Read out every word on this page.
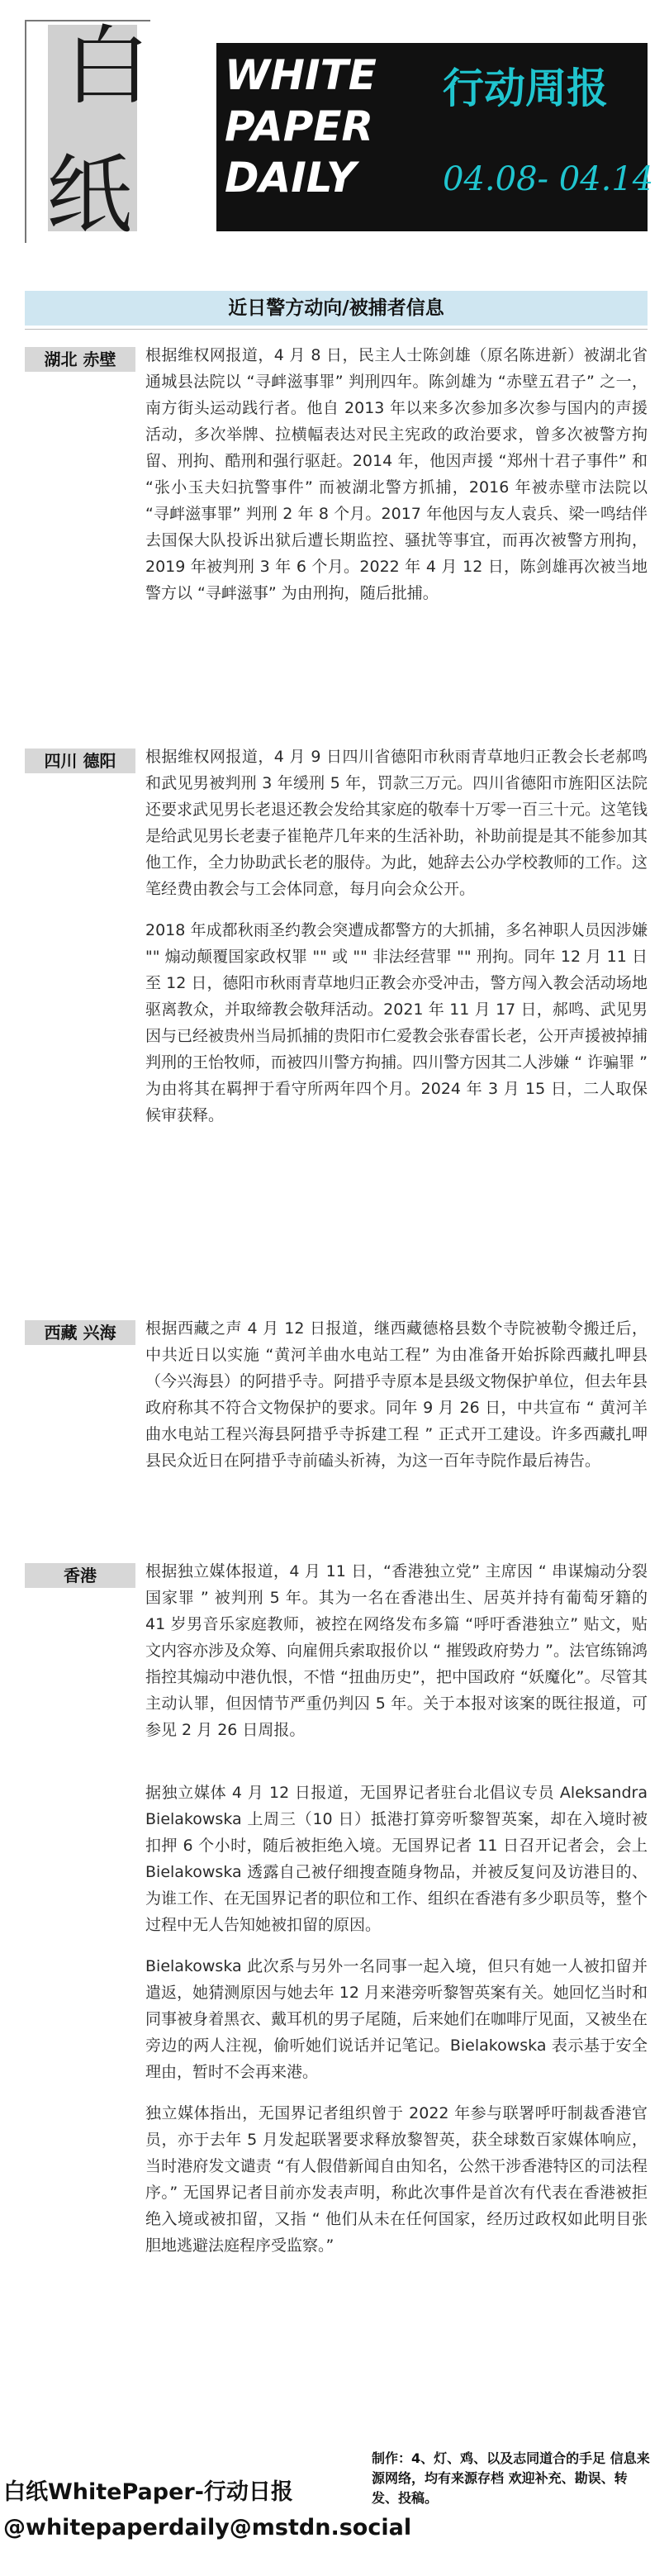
白
纸
WHITE
PAPER
DAILY
行动周报
04.08- 04.14
近日警方动向/被捕者信息
湖北 赤壁	根据维权网报道，4 月 8 日，民主人士陈剑雄（原名陈进新）被湖北省通城县法院以 “寻衅滋事罪” 判刑四年。陈剑雄为 “赤壁五君子” 之一，南方街头运动践行者。他自 2013 年以来多次参加多次参与国内的声援活动，多次举牌、拉横幅表达对民主宪政的政治要求，曾多次被警方拘留、刑拘、酷刑和强行驱赶。2014 年，他因声援 “郑州十君子事件” 和 “张小玉夫妇抗警事件” 而被湖北警方抓捕，2016 年被赤壁市法院以 “寻衅滋事罪” 判刑 2 年 8 个月。2017 年他因与友人袁兵、梁一鸣结伴去国保大队投诉出狱后遭长期监控、骚扰等事宜，而再次被警方刑拘，2019 年被判刑 3 年 6 个月。2022 年 4 月 12 日，陈剑雄再次被当地警方以 “寻衅滋事” 为由刑拘，随后批捕。

四川 德阳	根据维权网报道，4 月 9 日四川省德阳市秋雨青草地归正教会长老郝鸣和武见男被判刑 3 年缓刑 5 年，罚款三万元。四川省德阳市旌阳区法院还要求武见男长老退还教会发给其家庭的敬奉十万零一百三十元。这笔钱是给武见男长老妻子崔艳芹几年来的生活补助，补助前提是其不能参加其他工作，全力协助武长老的服侍。为此，她辞去公办学校教师的工作。这笔经费由教会与工会体同意，每月向会众公开。

2018 年成都秋雨圣约教会突遭成都警方的大抓捕，多名神职人员因涉嫌 "" 煽动颠覆国家政权罪 "" 或 "" 非法经营罪 "" 刑拘。同年 12 月 11 日至 12 日，德阳市秋雨青草地归正教会亦受冲击，警方闯入教会活动场地驱离教众，并取缔教会敬拜活动。2021 年 11 月 17 日，郝鸣、武见男因与已经被贵州当局抓捕的贵阳市仁爱教会张春雷长老，公开声援被掉捕判刑的王怡牧师，而被四川警方拘捕。四川警方因其二人涉嫌 “ 诈骗罪 ” 为由将其在羁押于看守所两年四个月。2024 年 3 月 15 日，二人取保候审获释。

西藏 兴海	根据西藏之声 4 月 12 日报道，继西藏德格县数个寺院被勒令搬迁后，中共近日以实施 “黄河羊曲水电站工程” 为由准备开始拆除西藏扎呷县（今兴海县）的阿措乎寺。阿措乎寺原本是县级文物保护单位，但去年县政府称其不符合文物保护的要求。同年 9 月 26 日，中共宣布 “ 黄河羊曲水电站工程兴海县阿措乎寺拆建工程 ” 正式开工建设。许多西藏扎呷县民众近日在阿措乎寺前磕头祈祷，为这一百年寺院作最后祷告。

香港	根据独立媒体报道，4 月 11 日，“香港独立党” 主席因 “ 串谋煽动分裂国家罪 ” 被判刑 5 年。其为一名在香港出生、居英并持有葡萄牙籍的 41 岁男音乐家庭教师，被控在网络发布多篇 “呼吁香港独立” 贴文，贴文内容亦涉及众筹、向雇佣兵索取报价以 “ 摧毁政府势力 ”。法官练锦鸿指控其煽动中港仇恨，不惜 “扭曲历史”，把中国政府 “妖魔化”。尽管其主动认罪，但因情节严重仍判囚 5 年。关于本报对该案的既往报道，可参见 2 月 26 日周报。

据独立媒体 4 月 12 日报道，无国界记者驻台北倡议专员 Aleksandra Bielakowska 上周三（10 日）抵港打算旁听黎智英案，却在入境时被扣押 6 个小时，随后被拒绝入境。无国界记者 11 日召开记者会，会上 Bielakowska 透露自己被仔细搜查随身物品，并被反复问及访港目的、为谁工作、在无国界记者的职位和工作、组织在香港有多少职员等，整个过程中无人告知她被扣留的原因。

Bielakowska 此次系与另外一名同事一起入境，但只有她一人被扣留并遣返，她猜测原因与她去年 12 月来港旁听黎智英案有关。她回忆当时和同事被身着黑衣、戴耳机的男子尾随，后来她们在咖啡厅见面，又被坐在旁边的两人注视，偷听她们说话并记笔记。Bielakowska 表示基于安全理由，暂时不会再来港。

独立媒体指出，无国界记者组织曾于 2022 年参与联署呼吁制裁香港官员，亦于去年 5 月发起联署要求释放黎智英，获全球数百家媒体响应，当时港府发文谴责 “有人假借新闻自由知名，公然干涉香港特区的司法程序。” 无国界记者目前亦发表声明，称此次事件是首次有代表在香港被拒绝入境或被扣留，又指 “ 他们从未在任何国家，经历过政权如此明目张胆地逃避法庭程序受监察。”

白纸WhitePaper-行动日报
@whitepaperdaily@mstdn.social
制作：4、灯、鸡、以及志同道合的手足 信息来源网络，均有来源存档 欢迎补充、勘误、转发、投稿。
